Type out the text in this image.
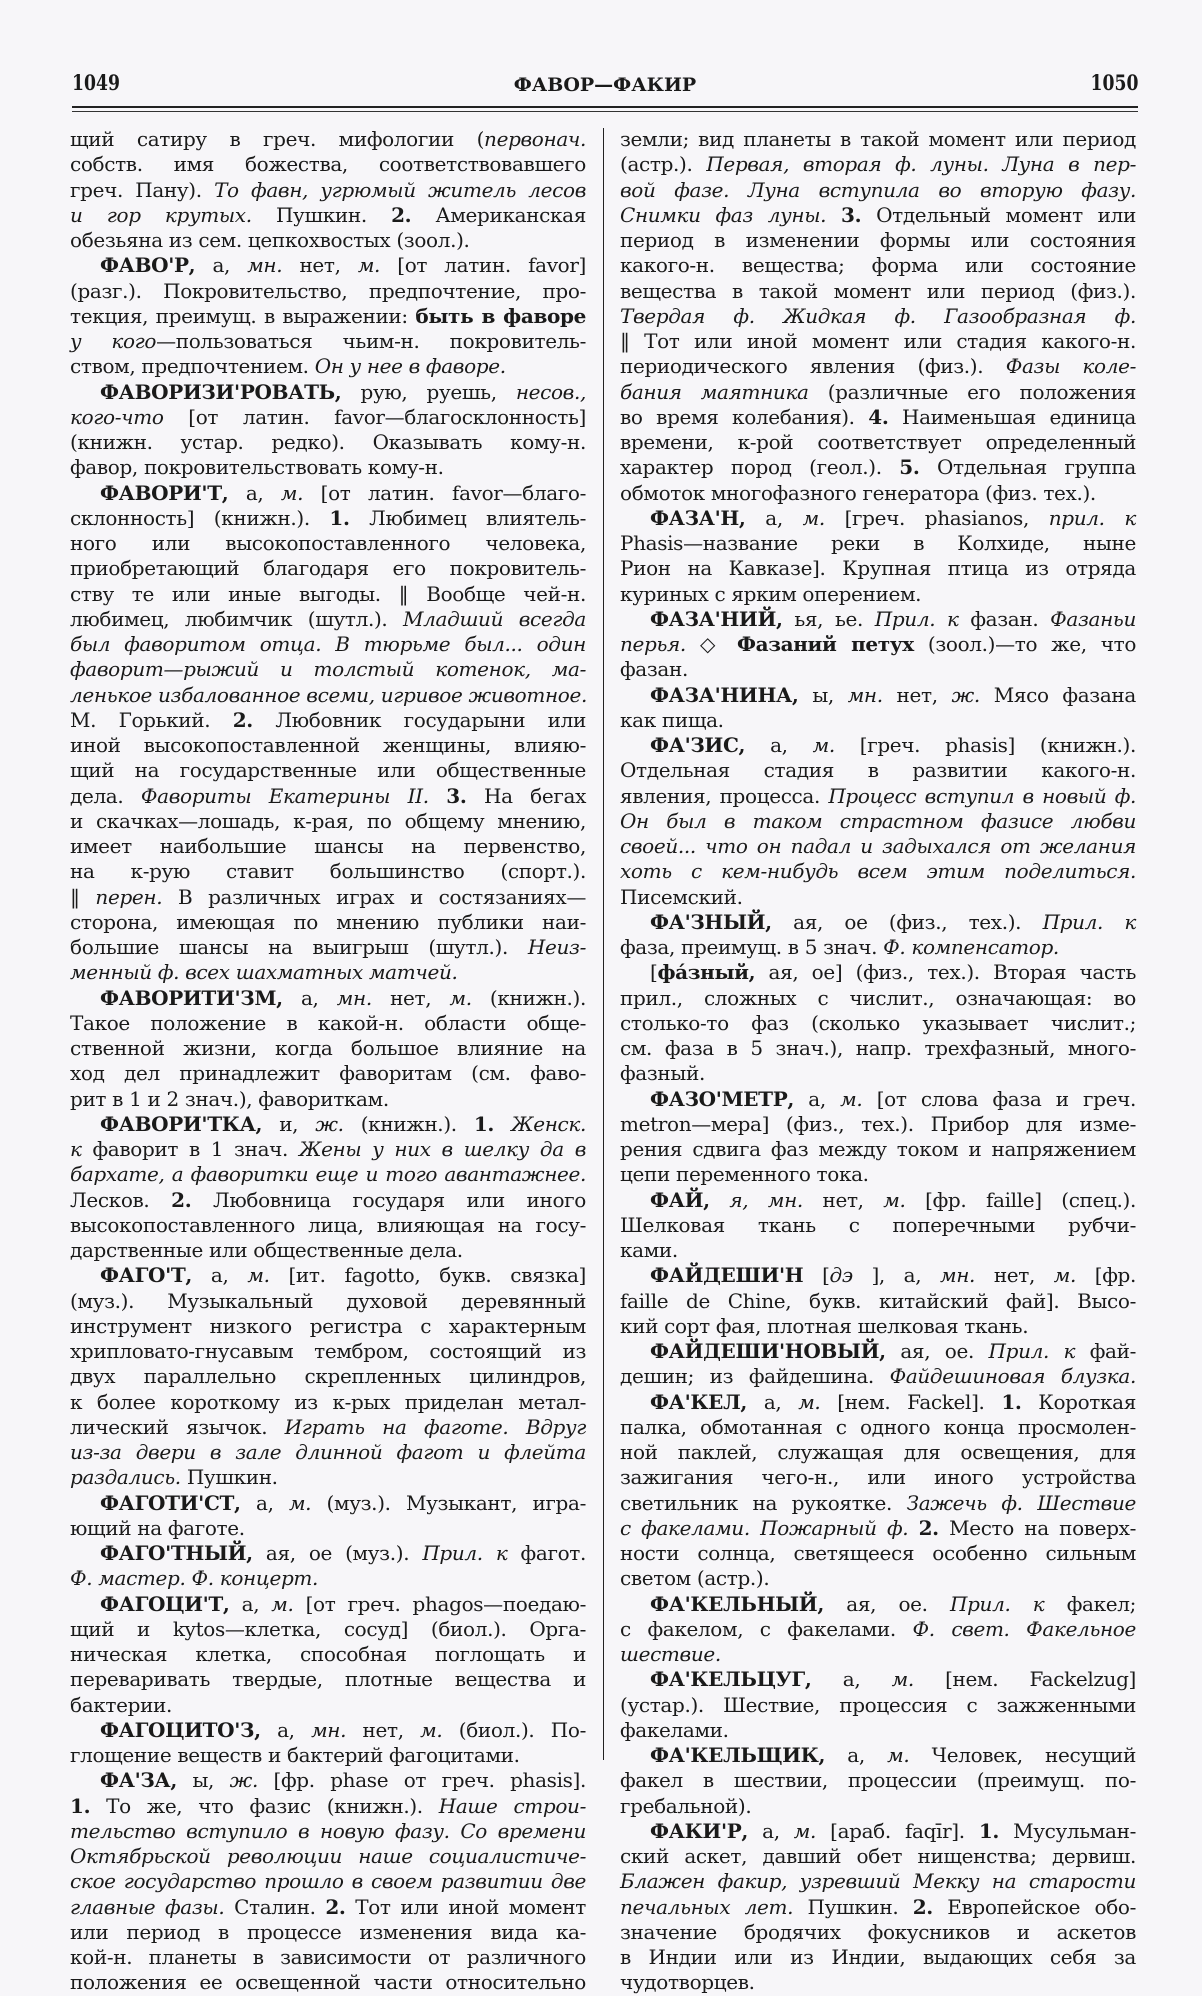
1049	ФАВОР—ФАКИР	1050
щий сатиру в греч. мифологии (первонач.
собств. имя божества, соответствовавшего
греч. Пану). То фавн, угрюмый житель лесов
и гор крутых. Пушкин. 2. Американская
обезьяна из сем. цепкохвостых (зоол.).
ФАВО'Р, а, мн. нет, м. [от латин. favor]
(разг.). Покровительство, предпочтение, про-
текция, преимущ. в выражении: быть в фаворе
у кого—пользоваться чьим-н. покровитель-
ством, предпочтением. Он у нее в фаворе.
ФАВОРИЗИ'РОВАТЬ, рую, руешь, несов.,
кого-что [от латин. favor—благосклонность]
(книжн. устар. редко). Оказывать кому-н.
фавор, покровительствовать кому-н.
ФАВОРИ'Т, а, м. [от латин. favor—благо-
склонность] (книжн.). 1. Любимец влиятель-
ного или высокопоставленного человека,
приобретающий благодаря его покровитель-
ству те или иные выгоды. ‖ Вообще чей-н.
любимец, любимчик (шутл.). Младший всегда
был фаворитом отца. В тюрьме был... один
фаворит—рыжий и толстый котенок, ма-
ленькое избалованное всеми, игривое животное.
М. Горький. 2. Любовник государыни или
иной высокопоставленной женщины, влияю-
щий на государственные или общественные
дела. Фавориты Екатерины II. 3. На бегах
и скачках—лошадь, к-рая, по общему мнению,
имеет наибольшие шансы на первенство,
на к-рую ставит большинство (спорт.).
‖ перен. В различных играх и состязаниях—
сторона, имеющая по мнению публики наи-
большие шансы на выигрыш (шутл.). Неиз-
менный ф. всех шахматных матчей.
ФАВОРИТИ'ЗМ, а, мн. нет, м. (книжн.).
Такое положение в какой-н. области обще-
ственной жизни, когда большое влияние на
ход дел принадлежит фаворитам (см. фаво-
рит в 1 и 2 знач.), фавориткам.
ФАВОРИ'ТКА, и, ж. (книжн.). 1. Женск.
к фаворит в 1 знач. Жены у них в шелку да в
бархате, а фаворитки еще и того авантажнее.
Лесков. 2. Любовница государя или иного
высокопоставленного лица, влияющая на госу-
дарственные или общественные дела.
ФАГО'Т, а, м. [ит. fagotto, букв. связка]
(муз.). Музыкальный духовой деревянный
инструмент низкого регистра с характерным
хрипловато-гнусавым тембром, состоящий из
двух параллельно скрепленных цилиндров,
к более короткому из к-рых приделан метал-
лический язычок. Играть на фаготе. Вдруг
из-за двери в зале длинной фагот и флейта
раздались. Пушкин.
ФАГОТИ'СТ, а, м. (муз.). Музыкант, игра-
ющий на фаготе.
ФАГО'ТНЫЙ, ая, ое (муз.). Прил. к фагот.
Ф. мастер. Ф. концерт.
ФАГОЦИ'Т, а, м. [от греч. phagos—поедаю-
щий и kytos—клетка, сосуд] (биол.). Орга-
ническая клетка, способная поглощать и
переваривать твердые, плотные вещества и
бактерии.
ФАГОЦИТО'З, а, мн. нет, м. (биол.). По-
глощение веществ и бактерий фагоцитами.
ФА'ЗА, ы, ж. [фр. phase от греч. phasis].
1. То же, что фазис (книжн.). Наше строи-
тельство вступило в новую фазу. Со времени
Октябрьской революции наше социалистиче-
ское государство прошло в своем развитии две
главные фазы. Сталин. 2. Тот или иной момент
или период в процессе изменения вида ка-
кой-н. планеты в зависимости от различного
положения ее освещенной части относительно
земли; вид планеты в такой момент или период
(астр.). Первая, вторая ф. луны. Луна в пер-
вой фазе. Луна вступила во вторую фазу.
Снимки фаз луны. 3. Отдельный момент или
период в изменении формы или состояния
какого-н. вещества; форма или состояние
вещества в такой момент или период (физ.).
Твердая ф. Жидкая ф. Газообразная ф.
‖ Тот или иной момент или стадия какого-н.
периодического явления (физ.). Фазы коле-
бания маятника (различные его положения
во время колебания). 4. Наименьшая единица
времени, к-рой соответствует определенный
характер пород (геол.). 5. Отдельная группа
обмоток многофазного генератора (физ. тех.).
ФАЗА'Н, а, м. [греч. phasianos, прил. к
Phasis—название реки в Колхиде, ныне
Рион на Кавказе]. Крупная птица из отряда
куриных с ярким оперением.
ФАЗА'НИЙ, ья, ье. Прил. к фазан. Фазаньи
перья. ◇ Фазаний петух (зоол.)—то же, что
фазан.
ФАЗА'НИНА, ы, мн. нет, ж. Мясо фазана
как пища.
ФА'ЗИС, а, м. [греч. phasis] (книжн.).
Отдельная стадия в развитии какого-н.
явления, процесса. Процесс вступил в новый ф.
Он был в таком страстном фазисе любви
своей... что он падал и задыхался от желания
хоть с кем-нибудь всем этим поделиться.
Писемский.
ФА'ЗНЫЙ, ая, ое (физ., тех.). Прил. к
фаза, преимущ. в 5 знач. Ф. компенсатор.
[фа́зный, ая, ое] (физ., тех.). Вторая часть
прил., сложных с числит., означающая: во
столько-то фаз (сколько указывает числит.;
см. фаза в 5 знач.), напр. трехфазный, много-
фазный.
ФАЗО'МЕТР, а, м. [от слова фаза и греч.
metron—мера] (физ., тех.). Прибор для изме-
рения сдвига фаз между током и напряжением
цепи переменного тока.
ФАЙ, я, мн. нет, м. [фр. faille] (спец.).
Шелковая ткань с поперечными рубчи-
ками.
ФАЙДЕШИ'Н [дэ ], а, мн. нет, м. [фр.
faille de Chine, букв. китайский фай]. Высо-
кий сорт фая, плотная шелковая ткань.
ФАЙДЕШИ'НОВЫЙ, ая, ое. Прил. к фай-
дешин; из файдешина. Файдешиновая блузка.
ФА'КЕЛ, а, м. [нем. Fackel]. 1. Короткая
палка, обмотанная с одного конца просмолен-
ной паклей, служащая для освещения, для
зажигания чего-н., или иного устройства
светильник на рукоятке. Зажечь ф. Шествие
с факелами. Пожарный ф. 2. Место на поверх-
ности солнца, светящееся особенно сильным
светом (астр.).
ФА'КЕЛЬНЫЙ, ая, ое. Прил. к факел;
с факелом, с факелами. Ф. свет. Факельное
шествие.
ФА'КЕЛЬЦУГ, а, м. [нем. Fackelzug]
(устар.). Шествие, процессия с зажженными
факелами.
ФА'КЕЛЬЩИК, а, м. Человек, несущий
факел в шествии, процессии (преимущ. по-
гребальной).
ФАКИ'Р, а, м. [араб. faqīr]. 1. Мусульман-
ский аскет, давший обет нищенства; дервиш.
Блажен факир, узревший Мекку на старости
печальных лет. Пушкин. 2. Европейское обо-
значение бродячих фокусников и аскетов
в Индии или из Индии, выдающих себя за
чудотворцев.
